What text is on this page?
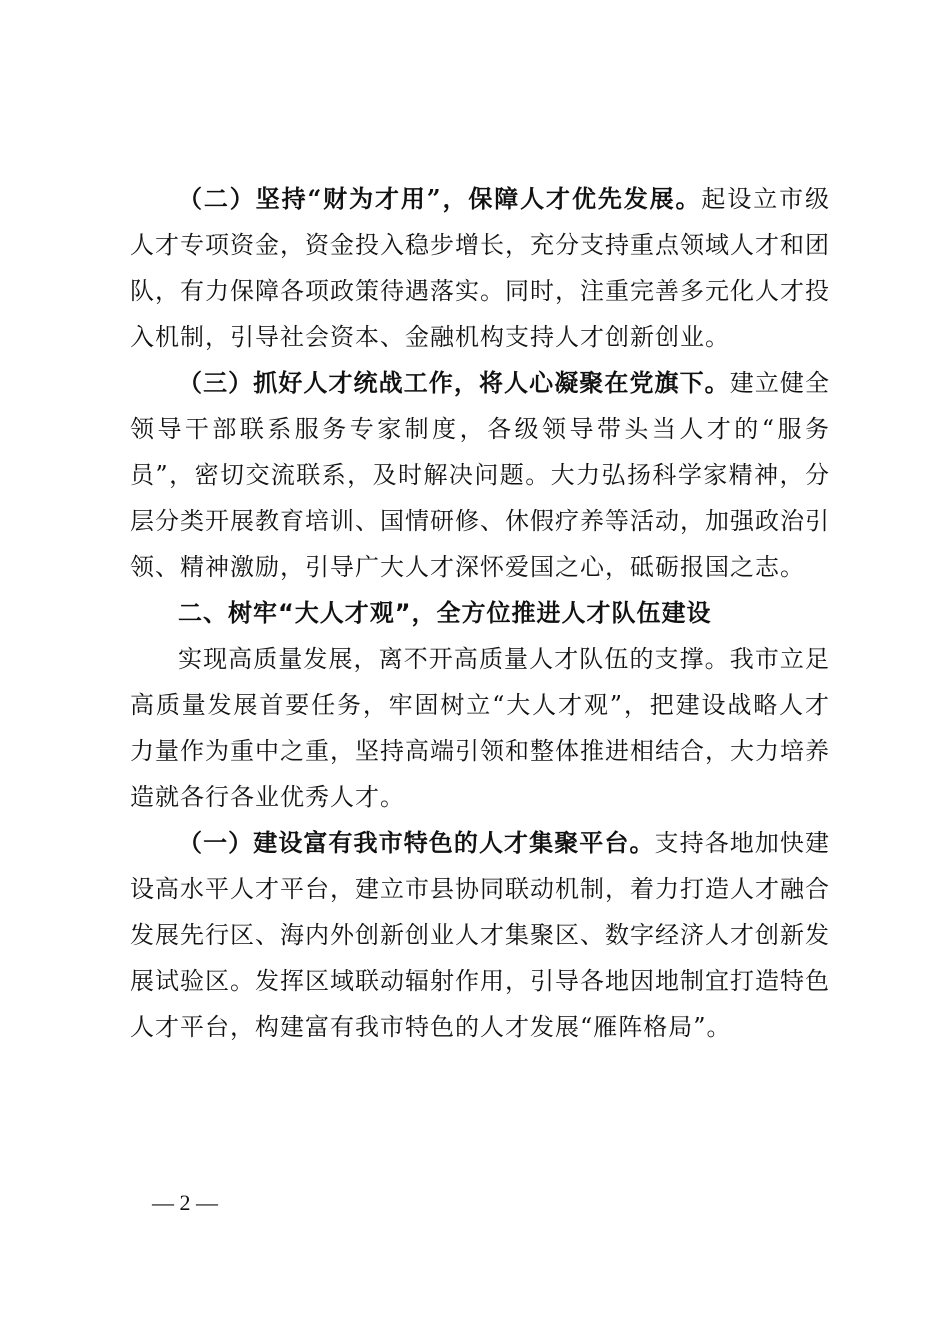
（二）坚持“财为才用”，保障人才优先发展。起设立市级人才专项资金，资金投入稳步增长，充分支持重点领域人才和团队，有力保障各项政策待遇落实。同时，注重完善多元化人才投入机制，引导社会资本、金融机构支持人才创新创业。

（三）抓好人才统战工作，将人心凝聚在党旗下。建立健全领导干部联系服务专家制度，各级领导带头当人才的“服务员”，密切交流联系，及时解决问题。大力弘扬科学家精神，分层分类开展教育培训、国情研修、休假疗养等活动，加强政治引领、精神激励，引导广大人才深怀爱国之心，砥砺报国之志。

二、树牢“大人才观”，全方位推进人才队伍建设

实现高质量发展，离不开高质量人才队伍的支撑。我市立足高质量发展首要任务，牢固树立“大人才观”，把建设战略人才力量作为重中之重，坚持高端引领和整体推进相结合，大力培养造就各行各业优秀人才。

（一）建设富有我市特色的人才集聚平台。支持各地加快建设高水平人才平台，建立市县协同联动机制，着力打造人才融合发展先行区、海内外创新创业人才集聚区、数字经济人才创新发展试验区。发挥区域联动辐射作用，引导各地因地制宜打造特色人才平台，构建富有我市特色的人才发展“雁阵格局”。

— 2 —
